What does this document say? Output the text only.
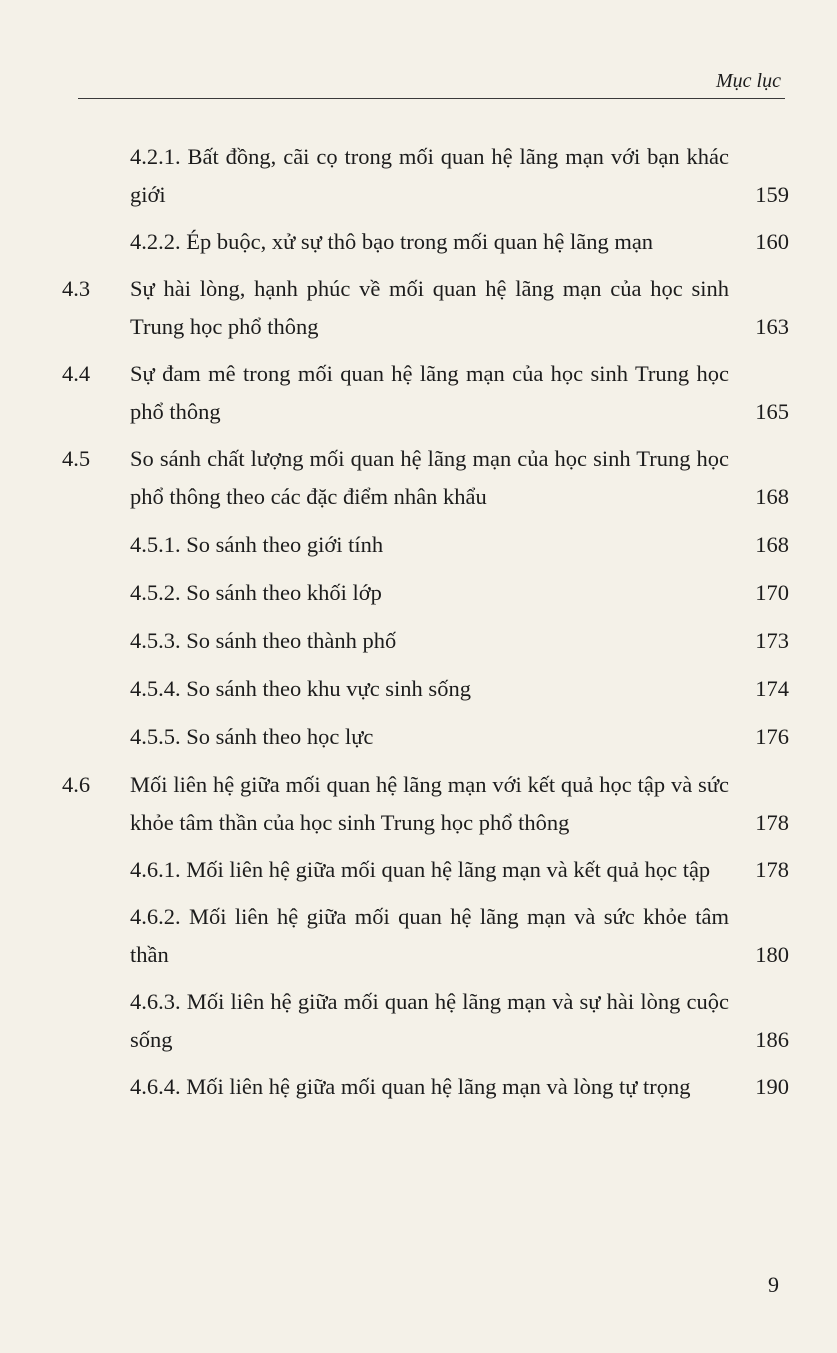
Mục lục
4.2.1. Bất đồng, cãi cọ trong mối quan hệ lãng mạn với bạn khác giới	159
4.2.2. Ép buộc, xử sự thô bạo trong mối quan hệ lãng mạn	160
4.3	Sự hài lòng, hạnh phúc về mối quan hệ lãng mạn của học sinh Trung học phổ thông	163
4.4	Sự đam mê trong mối quan hệ lãng mạn của học sinh Trung học phổ thông	165
4.5	So sánh chất lượng mối quan hệ lãng mạn của học sinh Trung học phổ thông theo các đặc điểm nhân khẩu	168
4.5.1. So sánh theo giới tính	168
4.5.2. So sánh theo khối lớp	170
4.5.3. So sánh theo thành phố	173
4.5.4. So sánh theo khu vực sinh sống	174
4.5.5. So sánh theo học lực	176
4.6	Mối liên hệ giữa mối quan hệ lãng mạn với kết quả học tập và sức khỏe tâm thần của học sinh Trung học phổ thông	178
4.6.1. Mối liên hệ giữa mối quan hệ lãng mạn và kết quả học tập	178
4.6.2. Mối liên hệ giữa mối quan hệ lãng mạn và sức khỏe tâm thần	180
4.6.3. Mối liên hệ giữa mối quan hệ lãng mạn và sự hài lòng cuộc sống	186
4.6.4. Mối liên hệ giữa mối quan hệ lãng mạn và lòng tự trọng	190
9
